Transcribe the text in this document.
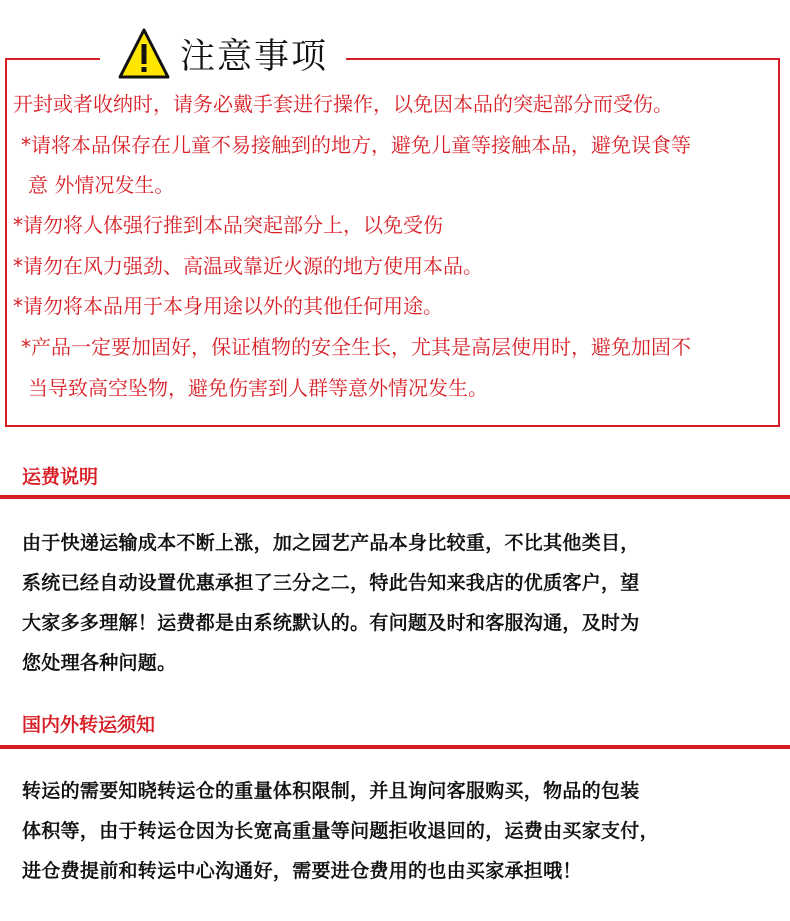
注意事项
开封或者收纳时，请务必戴手套进行操作，以免因本品的突起部分而受伤。
*请将本品保存在儿童不易接触到的地方，避免儿童等接触本品，避免误食等
意 外情况发生。
*请勿将人体强行推到本品突起部分上，以免受伤
*请勿在风力强劲、高温或靠近火源的地方使用本品。
*请勿将本品用于本身用途以外的其他任何用途。
*产品一定要加固好，保证植物的安全生长，尤其是高层使用时，避免加固不
当导致高空坠物，避免伤害到人群等意外情况发生。
运费说明
由于快递运输成本不断上涨，加之园艺产品本身比较重，不比其他类目，
系统已经自动设置优惠承担了三分之二，特此告知来我店的优质客户，望
大家多多理解！运费都是由系统默认的。有问题及时和客服沟通，及时为
您处理各种问题。
国内外转运须知
转运的需要知晓转运仓的重量体积限制，并且询问客服购买，物品的包装
体积等，由于转运仓因为长宽高重量等问题拒收退回的，运费由买家支付，
进仓费提前和转运中心沟通好，需要进仓费用的也由买家承担哦！
